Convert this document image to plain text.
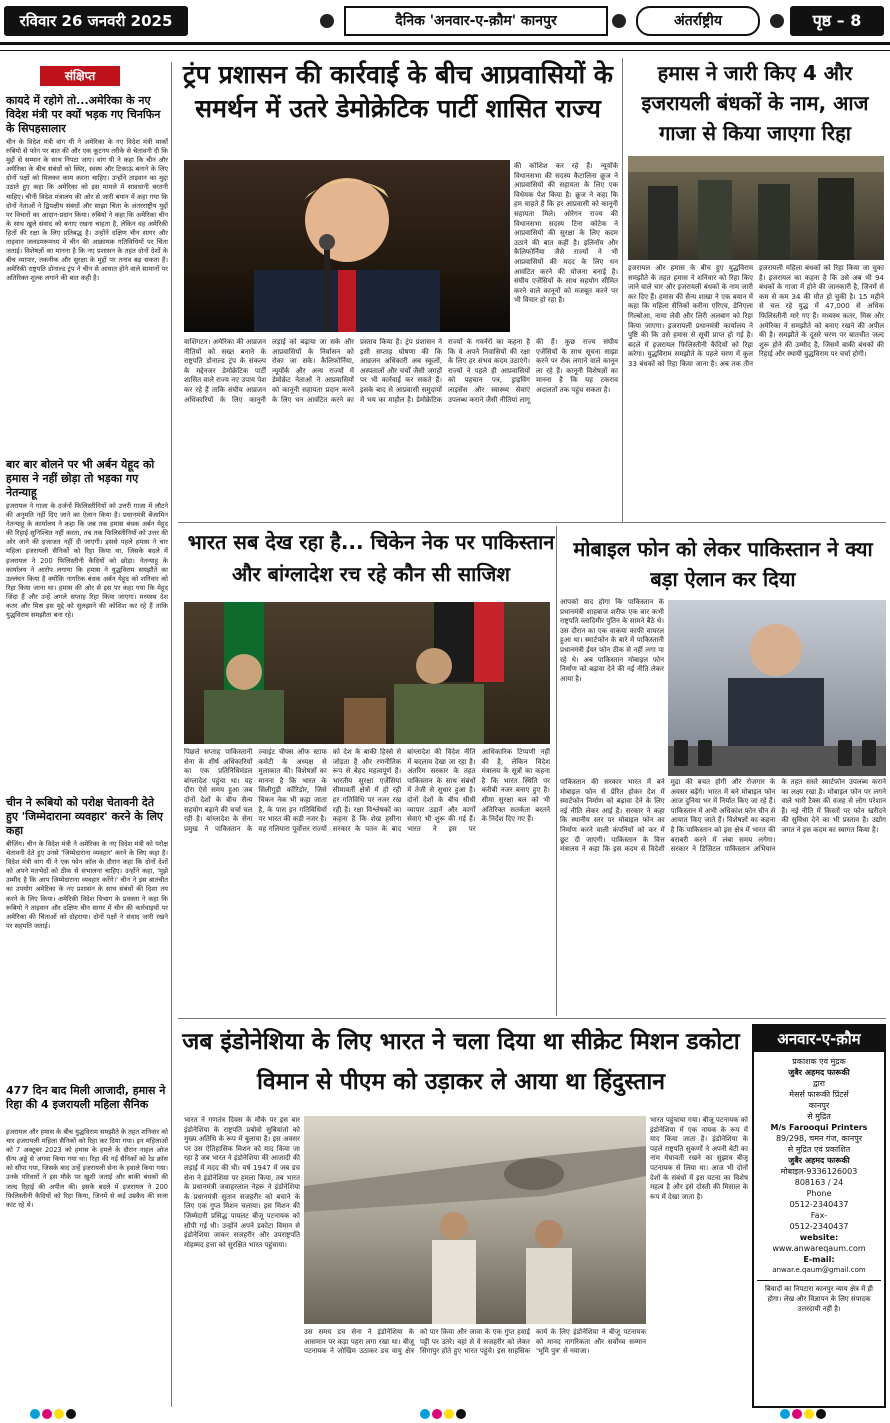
रविवार 26 जनवरी 2025	दैनिक 'अनवार-ए-क़ौम' कानपुर	अंतर्राष्ट्रीय	पृष्ठ – 8
संक्षिप्त
कायदे में रहोगे तो...अमेरिका के नए विदेश मंत्री पर क्यों भड़क गए चिनफिन के सिपहसालार
चीन के विदेश मंत्री वांग यी ने अमेरिका के नए विदेश मंत्री मार्को रुबियो से फोन पर बात की और एक कूटनय तरीके से चेतावनी दी कि मुद्दों से सम्मान के साथ निपटा जाए। वांग यी ने कहा कि चीन और अमेरिका के बीच संबंधों को स्थिर, स्वस्थ और टिकाऊ बनाने के लिए दोनों पक्षों को मिलकर काम करना चाहिए। उन्होंने ताइवान का मुद्दा उठाते हुए कहा कि अमेरिका को इस मामले में सावधानी बरतनी चाहिए। चीनी विदेश मंत्रालय की ओर से जारी बयान में कहा गया कि दोनों नेताओं ने द्विपक्षीय संबंधों और साझा चिंता के अंतरराष्ट्रीय मुद्दों पर विचारों का आदान-प्रदान किया। रुबियो ने कहा कि अमेरिका चीन के साथ खुले संवाद को बनाए रखना चाहता है, लेकिन वह अमेरिकी हितों की रक्षा के लिए प्रतिबद्ध है। उन्होंने दक्षिण चीन सागर और ताइवान जलडमरूमध्य में चीन की आक्रामक गतिविधियों पर चिंता जताई। विशेषज्ञों का मानना है कि नए प्रशासन के तहत दोनों देशों के बीच व्यापार, तकनीक और सुरक्षा के मुद्दों पर तनाव बढ़ सकता है। अमेरिकी राष्ट्रपति डोनाल्ड ट्रंप ने चीन से आयात होने वाले सामानों पर अतिरिक्त शुल्क लगाने की बात कही है।
बार बार बोलने पर भी अर्बन येहूद को हमास ने नहीं छोड़ा तो भड़का गए नेतन्याहू
इजरायल ने गाजा के दर्जनों फिलिस्तीनियों को उत्तरी गाजा में लौटने की अनुमति नहीं दिए जाने का ऐलान किया है। प्रधानमंत्री बेंजामिन नेतन्याहू के कार्यालय ने कहा कि जब तक हमास बंधक अर्बन येहूद की रिहाई सुनिश्चित नहीं करता, तब तक फिलिस्तीनियों को उत्तर की ओर जाने की इजाजत नहीं दी जाएगी। इससे पहले हमास ने चार महिला इजरायली सैनिकों को रिहा किया था, जिसके बदले में इजरायल ने 200 फिलिस्तीनी कैदियों को छोड़ा। नेतन्याहू के कार्यालय ने आरोप लगाया कि हमास ने युद्धविराम समझौते का उल्लंघन किया है क्योंकि नागरिक बंधक अर्बन येहूद को शनिवार को रिहा किया जाना था। हमास की ओर से इस पर कहा गया कि येहूद जिंदा हैं और उन्हें अगले सप्ताह रिहा किया जाएगा। मध्यस्थ देश कतर और मिस्र इस मुद्दे को सुलझाने की कोशिश कर रहे हैं ताकि युद्धविराम समझौता बना रहे।
चीन ने रूबियो को परोक्ष चेतावनी देते हुए 'जिम्मेदाराना व्यवहार' करने के लिए कहा
बीजिंग। चीन के विदेश मंत्री ने अमेरिका के नए विदेश मंत्री को परोक्ष चेतावनी देते हुए उनसे 'जिम्मेदाराना व्यवहार' करने के लिए कहा है। विदेश मंत्री वांग यी ने एक फोन कॉल के दौरान कहा कि दोनों देशों को अपने मतभेदों को ठीक से संभालना चाहिए। उन्होंने कहा, 'मुझे उम्मीद है कि आप जिम्मेदाराना व्यवहार करेंगे।' चीन ने इस बातचीत का उपयोग अमेरिका के नए प्रशासन के साथ संबंधों की दिशा तय करने के लिए किया। अमेरिकी विदेश विभाग के प्रवक्ता ने कहा कि रूबियो ने ताइवान और दक्षिण चीन सागर में चीन की कार्रवाइयों पर अमेरिका की चिंताओं को दोहराया। दोनों पक्षों ने संवाद जारी रखने पर सहमति जताई।
477 दिन बाद मिली आजादी, हमास ने रिहा की 4 इजरायली महिला सैनिक
इजरायल और हमास के बीच युद्धविराम समझौते के तहत शनिवार को चार इजरायली महिला सैनिकों को रिहा कर दिया गया। इन महिलाओं को 7 अक्टूबर 2023 को हमास के हमले के दौरान नाहल ओज सैन्य अड्डे से अगवा किया गया था। रिहा की गई सैनिकों को रेड क्रॉस को सौंपा गया, जिसके बाद उन्हें इजरायली सेना के हवाले किया गया। उनके परिवारों ने इस मौके पर खुशी जताई और बाकी बंधकों की जल्द रिहाई की अपील की। इसके बदले में इजरायल ने 200 फिलिस्तीनी कैदियों को रिहा किया, जिनमें से कई उम्रकैद की सजा काट रहे थे।
ट्रंप प्रशासन की कार्रवाई के बीच आप्रवासियों के समर्थन में उतरे डेमोक्रेटिक पार्टी शासित राज्य
की कोशिश कर रहे हैं। न्यूयॉर्क विधानसभा की सदस्य कैटालिना क्रूज ने आप्रवासियों की सहायता के लिए एक विधेयक पेश किया है। क्रूज ने कहा कि हम चाहते हैं कि हर आप्रवासी को कानूनी सहायता मिले। ओरेगन राज्य की विधानसभा सदस्य टिना कोटेक ने आप्रवासियों की सुरक्षा के लिए कदम उठाने की बात कही है। इलिनॉय और कैलिफोर्निया जैसे राज्यों ने भी आप्रवासियों की मदद के लिए धन आवंटित करने की योजना बनाई है। संघीय एजेंसियों के साथ सहयोग सीमित करने वाले कानूनों को मजबूत करने पर भी विचार हो रहा है।
वाशिंगटन। अमेरिका की आव्रजन नीतियों को सख्त बनाने के राष्ट्रपति डोनाल्ड ट्रंप के संकल्प के मद्देनजर डेमोक्रेटिक पार्टी शासित वाले राज्य नए उपाय पेश कर रहे हैं ताकि संघीय आव्रजन अधिकारियों के लिए कानूनी लड़ाई को बढ़ाया जा सके और आप्रवासियों के निर्वासन को रोका जा सके। कैलिफोर्निया, न्यूयॉर्क और अन्य राज्यों में डेमोक्रेट नेताओं ने आप्रवासियों को कानूनी सहायता प्रदान करने के लिए धन आवंटित करने का प्रस्ताव किया है। ट्रंप प्रशासन ने इसी सप्ताह घोषणा की कि आव्रजन अधिकारी अब स्कूलों, अस्पतालों और चर्चों जैसी जगहों पर भी कार्रवाई कर सकते हैं। इसके बाद से आप्रवासी समुदायों में भय का माहौल है। डेमोक्रेटिक राज्यों के गवर्नरों का कहना है कि वे अपने निवासियों की रक्षा के लिए हर संभव कदम उठाएंगे। राज्यों ने पहले ही आप्रवासियों को पहचान पत्र, ड्राइविंग लाइसेंस और स्वास्थ्य सेवाएं उपलब्ध कराने जैसी नीतियां लागू की हैं। कुछ राज्य संघीय एजेंसियों के साथ सूचना साझा करने पर रोक लगाने वाले कानून ला रहे हैं। कानूनी विशेषज्ञों का मानना है कि यह टकराव अदालतों तक पहुंच सकता है।
हमास ने जारी किए 4 और इजरायली बंधकों के नाम, आज गाजा से किया जाएगा रिहा
इजरायल और हमास के बीच हुए युद्धविराम समझौते के तहत हमास ने शनिवार को रिहा किए जाने वाले चार और इजरायली बंधकों के नाम जारी कर दिए हैं। हमास की सैन्य शाखा ने एक बयान में कहा कि महिला सैनिकों करीना एरिएव, डेनिएला गिल्बोआ, नामा लेवी और लिरी अलबाग को रिहा किया जाएगा। इजरायली प्रधानमंत्री कार्यालय ने पुष्टि की कि उसे हमास से सूची प्राप्त हो गई है। बदले में इजरायल फिलिस्तीनी कैदियों को रिहा करेगा। युद्धविराम समझौते के पहले चरण में कुल 33 बंधकों को रिहा किया जाना है। अब तक तीन इजरायली महिला बंधकों को रिहा किया जा चुका है। इजरायल का कहना है कि उसे अब भी 94 बंधकों के गाजा में होने की जानकारी है, जिनमें से कम से कम 34 की मौत हो चुकी है। 15 महीने से चल रहे युद्ध में 47,000 से अधिक फिलिस्तीनी मारे गए हैं। मध्यस्थ कतर, मिस्र और अमेरिका ने समझौते को बनाए रखने की अपील की है। समझौते के दूसरे चरण पर बातचीत जल्द शुरू होने की उम्मीद है, जिसमें बाकी बंधकों की रिहाई और स्थायी युद्धविराम पर चर्चा होगी।
भारत सब देख रहा है... चिकेन नेक पर पाकिस्तान और बांग्लादेश रच रहे कौन सी साजिश
पिछले सप्ताह पाकिस्तानी सेना के शीर्ष अधिकारियों का एक प्रतिनिधिमंडल बांग्लादेश पहुंचा था। यह दौरा ऐसे समय हुआ जब दोनों देशों के बीच सैन्य सहयोग बढ़ाने की चर्चा चल रही है। बांग्लादेश के सेना प्रमुख ने पाकिस्तान के ज्वाइंट चीफ्स ऑफ स्टाफ कमेटी के अध्यक्ष से मुलाकात की। विशेषज्ञों का मानना है कि भारत के सिलीगुड़ी कॉरिडोर, जिसे चिकन नेक भी कहा जाता है, के पास इन गतिविधियों पर भारत की कड़ी नजर है। यह गलियारा पूर्वोत्तर राज्यों को देश के बाकी हिस्से से जोड़ता है और रणनीतिक रूप से बेहद महत्वपूर्ण है। भारतीय सुरक्षा एजेंसियां सीमावर्ती क्षेत्रों में हो रही हर गतिविधि पर नजर रख रही हैं। रक्षा विश्लेषकों का कहना है कि शेख हसीना सरकार के पतन के बाद बांग्लादेश की विदेश नीति में बदलाव देखा जा रहा है। अंतरिम सरकार के तहत पाकिस्तान के साथ संबंधों में तेजी से सुधार हुआ है। दोनों देशों के बीच सीधी व्यापार उड़ानें और कार्गो सेवाएं भी शुरू की गई हैं। भारत ने इस पर आधिकारिक टिप्पणी नहीं की है, लेकिन विदेश मंत्रालय के सूत्रों का कहना है कि भारत स्थिति पर करीबी नजर बनाए हुए है। सीमा सुरक्षा बल को भी अतिरिक्त सतर्कता बरतने के निर्देश दिए गए हैं।
मोबाइल फोन को लेकर पाकिस्तान ने क्या बड़ा ऐलान कर दिया
आपको याद होगा कि पाकिस्तान के प्रधानमंत्री शाहबाज शरीफ एक बार कभी राष्ट्रपति व्लादिमीर पुतिन के सामने बैठे थे। उस दौरान का एक वाकया काफी वायरल हुआ था। स्मार्टफोन के बारे में पाकिस्तानी प्रधानमंत्री ईयर फोन ठीक से नहीं लगा पा रहे थे। अब पाकिस्तान मोबाइल फोन निर्माण को बढ़ावा देने की नई नीति लेकर आया है।
पाकिस्तान की सरकार भारत में बने मोबाइल फोन से प्रेरित होकर देश में स्मार्टफोन निर्माण को बढ़ावा देने के लिए नई नीति लेकर आई है। सरकार ने कहा कि स्थानीय स्तर पर मोबाइल फोन का निर्माण करने वाली कंपनियों को कर में छूट दी जाएगी। पाकिस्तान के वित्त मंत्रालय ने कहा कि इस कदम से विदेशी मुद्रा की बचत होगी और रोजगार के अवसर बढ़ेंगे। भारत में बने मोबाइल फोन आज दुनिया भर में निर्यात किए जा रहे हैं। पाकिस्तान में अभी अधिकांश फोन चीन से आयात किए जाते हैं। विशेषज्ञों का कहना है कि पाकिस्तान को इस क्षेत्र में भारत की बराबरी करने में लंबा समय लगेगा। सरकार ने डिजिटल पाकिस्तान अभियान के तहत सस्ते स्मार्टफोन उपलब्ध कराने का लक्ष्य रखा है। मोबाइल फोन पर लगने वाले भारी टैक्स की वजह से लोग परेशान हैं। नई नीति में किस्तों पर फोन खरीदने की सुविधा देने का भी प्रस्ताव है। उद्योग जगत ने इस कदम का स्वागत किया है।
जब इंडोनेशिया के लिए भारत ने चला दिया था सीक्रेट मिशन डकोटा विमान से पीएम को उड़ाकर ले आया था हिंदुस्तान
भारत ने गणतंत्र दिवस के मौके पर इस बार इंडोनेशिया के राष्ट्रपति प्रबोवो सुबियांतो को मुख्य अतिथि के रूप में बुलाया है। इस अवसर पर उस ऐतिहासिक मिशन को याद किया जा रहा है जब भारत ने इंडोनेशिया की आजादी की लड़ाई में मदद की थी। वर्ष 1947 में जब डच सेना ने इंडोनेशिया पर हमला किया, तब भारत के प्रधानमंत्री जवाहरलाल नेहरू ने इंडोनेशिया के प्रधानमंत्री सुतान सजहरीर को बचाने के लिए एक गुप्त मिशन चलाया। इस मिशन की जिम्मेदारी प्रसिद्ध पायलट बीजू पटनायक को सौंपी गई थी। उन्होंने अपने डकोटा विमान से इंडोनेशिया जाकर सजहरीर और उपराष्ट्रपति मोहम्मद हत्ता को सुरक्षित भारत पहुंचाया।
उस समय डच सेना ने इंडोनेशिया के आसमान पर कड़ा पहरा लगा रखा था। बीजू पटनायक ने जोखिम उठाकर डच वायु क्षेत्र को पार किया और जावा के एक गुप्त हवाई पट्टी पर उतरे। वहां से वे सजहरीर को लेकर सिंगापुर होते हुए भारत पहुंचे। इस साहसिक कार्य के लिए इंडोनेशिया ने बीजू पटनायक को मानद नागरिकता और सर्वोच्च सम्मान 'भूमि पुत्र' से नवाजा।
भारत पहुंचाया गया। बीजू पटनायक को इंडोनेशिया में एक नायक के रूप में याद किया जाता है। इंडोनेशिया के पहले राष्ट्रपति सुकर्णो ने अपनी बेटी का नाम मेघावती रखने का सुझाव बीजू पटनायक से लिया था। आज भी दोनों देशों के संबंधों में इस घटना का विशेष महत्व है और इसे दोस्ती की मिसाल के रूप में देखा जाता है।
अनवार-ए-क़ौम
प्रकाशक एवं मुद्रक
जुबैर अहमद फारूकी
द्वारा
मेसर्स फारूकी प्रिंटर्स
कानपुर
से मुद्रित
M/s Farooqui Printers
89/298, चमन गंज, कानपुर
से मुद्रित एवं प्रकाशित
जुबैर अहमद फारूकी
मोबाइल-9336126003
808163 / 24
Phone
0512-2340437
Fax-
0512-2340437
website:
www.anwareqaum.com
E-mail:
anwar.e.qaum@gmail.com
बिवादों का निपटारा कानपुर न्याय क्षेत्र में ही होगा। लेख और विज्ञापन के लिए संपादक उत्तरदायी नहीं है।
